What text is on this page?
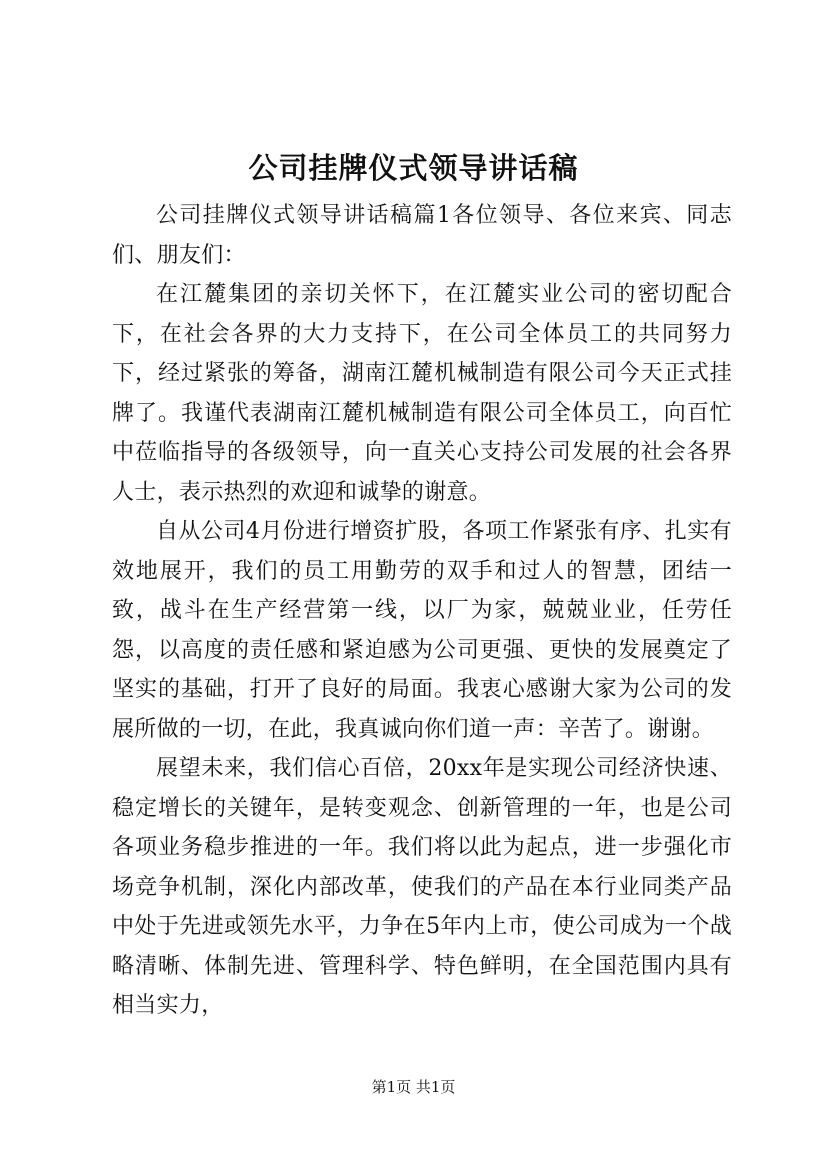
公司挂牌仪式领导讲话稿

公司挂牌仪式领导讲话稿篇1各位领导、各位来宾、同志们、朋友们：

在江麓集团的亲切关怀下，在江麓实业公司的密切配合下，在社会各界的大力支持下，在公司全体员工的共同努力下，经过紧张的筹备，湖南江麓机械制造有限公司今天正式挂牌了。我谨代表湖南江麓机械制造有限公司全体员工，向百忙中莅临指导的各级领导，向一直关心支持公司发展的社会各界人士，表示热烈的欢迎和诚挚的谢意。

自从公司4月份进行增资扩股，各项工作紧张有序、扎实有效地展开，我们的员工用勤劳的双手和过人的智慧，团结一致，战斗在生产经营第一线，以厂为家，兢兢业业，任劳任怨，以高度的责任感和紧迫感为公司更强、更快的发展奠定了坚实的基础，打开了良好的局面。我衷心感谢大家为公司的发展所做的一切，在此，我真诚向你们道一声：辛苦了。谢谢。

展望未来，我们信心百倍，20xx年是实现公司经济快速、稳定增长的关键年，是转变观念、创新管理的一年，也是公司各项业务稳步推进的一年。我们将以此为起点，进一步强化市场竞争机制，深化内部改革，使我们的产品在本行业同类产品中处于先进或领先水平，力争在5年内上市，使公司成为一个战略清晰、体制先进、管理科学、特色鲜明，在全国范围内具有相当实力，

第1页 共1页
